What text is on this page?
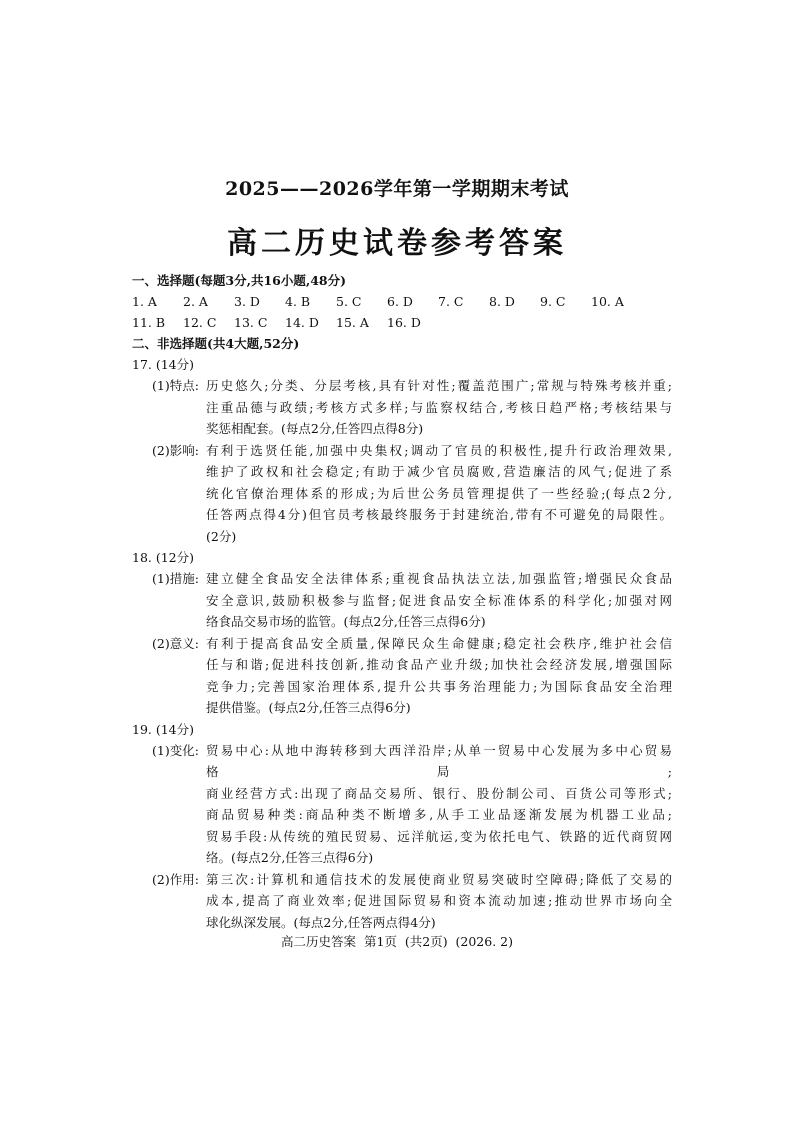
2025——2026学年第一学期期末考试
高二历史试卷参考答案
一、选择题(每题3分,共16小题,48分)
1. A 2. A 3. D 4. B 5. C 6. D 7. C 8. D 9. C 10. A
11. B 12. C 13. C 14. D 15. A 16. D
二、非选择题(共4大题,52分)
17. (14分)
(1)特点: 历史悠久;分类、分层考核,具有针对性;覆盖范围广;常规与特殊考核并重;
注重品德与政绩;考核方式多样;与监察权结合,考核日趋严格;考核结果与
奖惩相配套。(每点2分,任答四点得8分)
(2)影响: 有利于选贤任能,加强中央集权;调动了官员的积极性,提升行政治理效果,
维护了政权和社会稳定;有助于减少官员腐败,营造廉洁的风气;促进了系
统化官僚治理体系的形成;为后世公务员管理提供了一些经验;(每点2分,
任答两点得4分)但官员考核最终服务于封建统治,带有不可避免的局限性。
(2分)
18. (12分)
(1)措施: 建立健全食品安全法律体系;重视食品执法立法,加强监管;增强民众食品
安全意识,鼓励积极参与监督;促进食品安全标准体系的科学化;加强对网
络食品交易市场的监管。(每点2分,任答三点得6分)
(2)意义: 有利于提高食品安全质量,保障民众生命健康;稳定社会秩序,维护社会信
任与和谐;促进科技创新,推动食品产业升级;加快社会经济发展,增强国际
竞争力;完善国家治理体系,提升公共事务治理能力;为国际食品安全治理
提供借鉴。(每点2分,任答三点得6分)
19. (14分)
(1)变化: 贸易中心:从地中海转移到大西洋沿岸;从单一贸易中心发展为多中心贸易
格局;
商业经营方式:出现了商品交易所、银行、股份制公司、百货公司等形式;
商品贸易种类:商品种类不断增多,从手工业品逐渐发展为机器工业品;
贸易手段:从传统的殖民贸易、远洋航运,变为依托电气、铁路的近代商贸网
络。(每点2分,任答三点得6分)
(2)作用: 第三次:计算机和通信技术的发展使商业贸易突破时空障碍;降低了交易的
成本,提高了商业效率;促进国际贸易和资本流动加速;推动世界市场向全
球化纵深发展。(每点2分,任答两点得4分)
高二历史答案  第1页  (共2页)  (2026. 2)
